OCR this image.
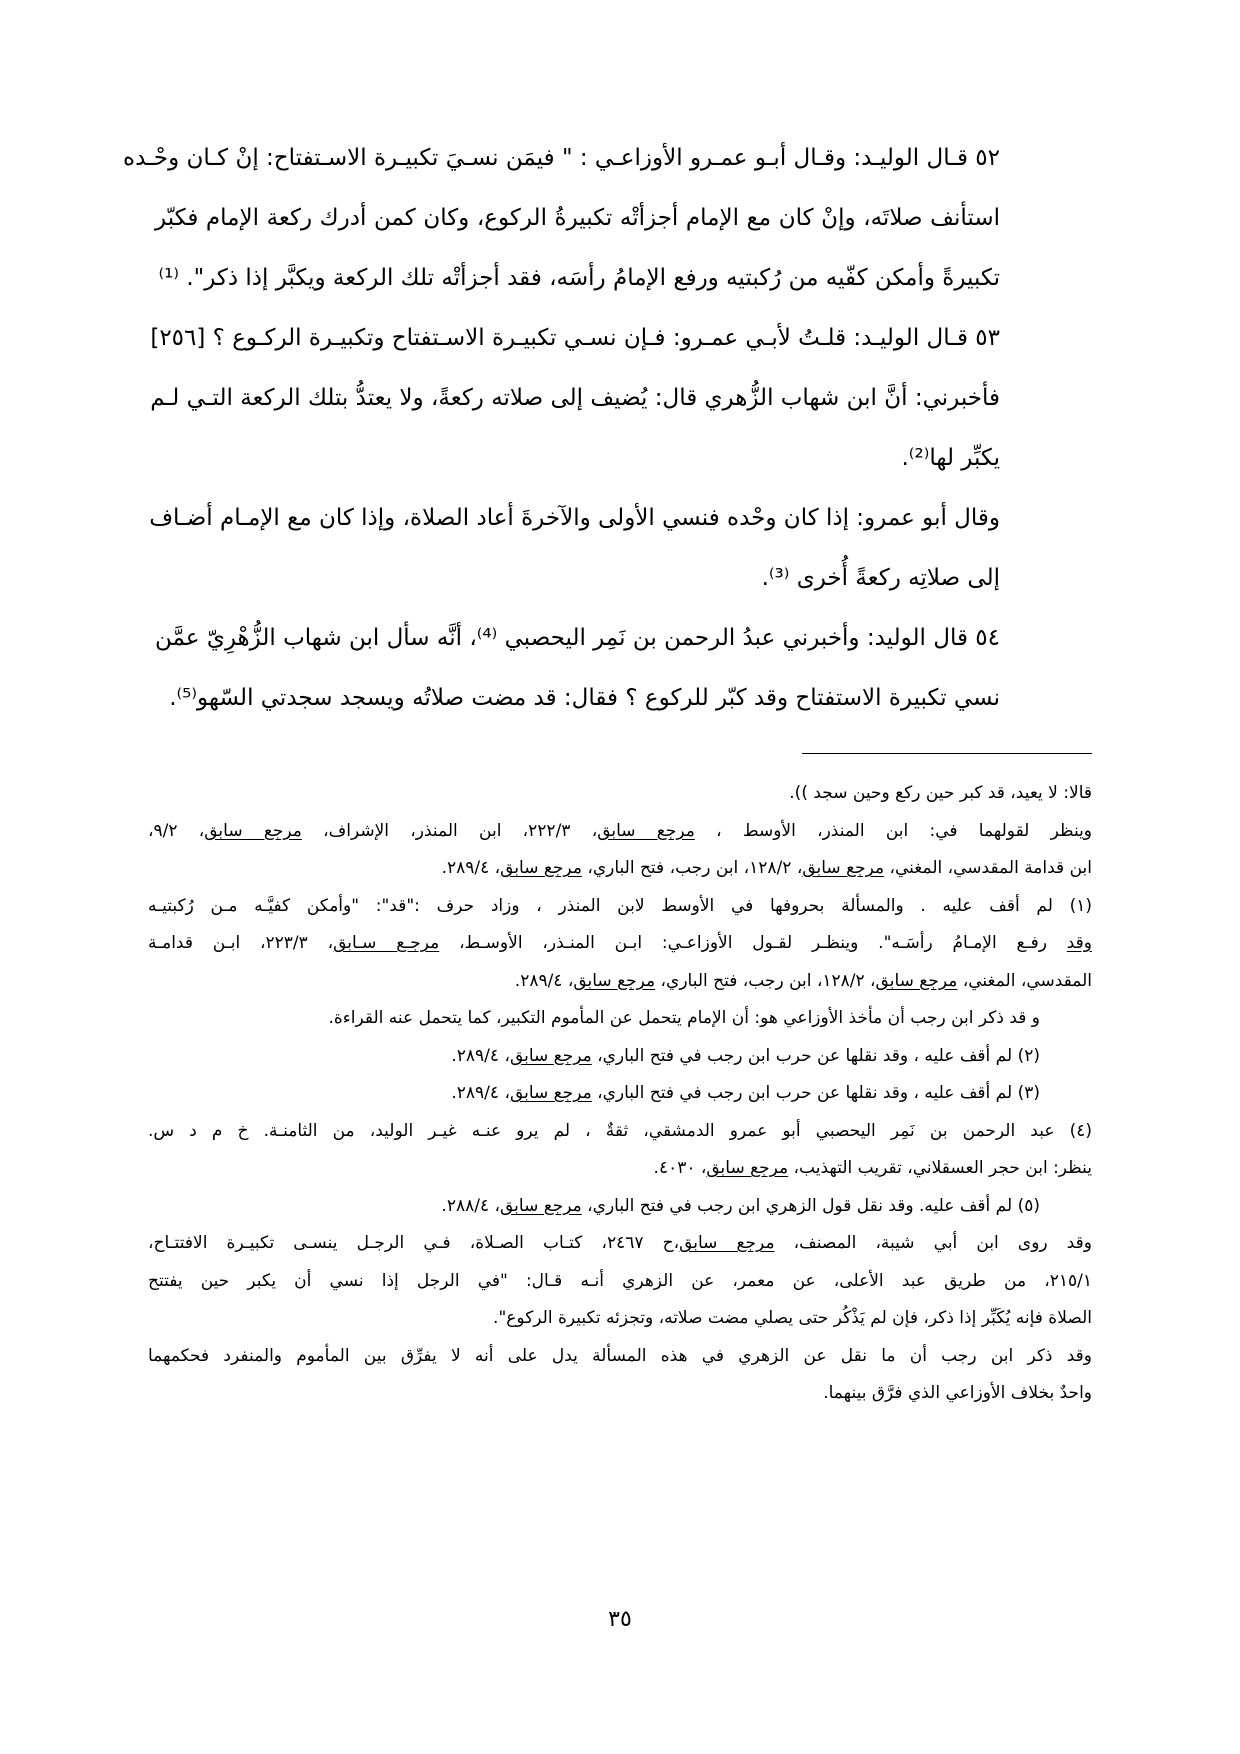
٥٢ قـال الوليـد: وقـال أبـو عمـرو الأوزاعـي : " فيمَن نسـيَ تكبيـرة الاسـتفتاح: إنْ كـان وحْـده
استأنف صلاتَه، وإنْ كان مع الإمام أجزأتْه تكبيرةُ الركوع، وكان كمن أدرك ركعة الإمام فكبّر
تكبيرةً وأمكن كفّيه من رُكبتيه ورفع الإمامُ رأسَه، فقد أجزأتْه تلك الركعة ويكبَّر إذا ذكر". ⁽¹⁾
٥٣ قـال الوليـد: قلـتُ لأبـي عمـرو: فـإن نسـي تكبيـرة الاسـتفتاح وتكبيـرة الركـوع ؟ [٢٥٦]
فأخبرني: أنَّ ابن شهاب الزُّهري قال: يُضيف إلى صلاته ركعةً، ولا يعتدُّ بتلك الركعة التـي لـم
يكبِّر لها⁽²⁾.
وقال أبو عمرو: إذا كان وحْده فنسي الأولى والآخرةَ أعاد الصلاة، وإذا كان مع الإمـام أضـاف
إلى صلاتِه ركعةً أُخرى ⁽³⁾.
٥٤ قال الوليد: وأخبرني عبدُ الرحمن بن نَمِر اليحصبي ⁽⁴⁾، أنَّه سأل ابن شهاب الزُّهْرِيّ عمَّن
نسي تكبيرة الاستفتاح وقد كبّر للركوع ؟ فقال: قد مضت صلاتُه ويسجد سجدتي السّهو⁽⁵⁾.
قالا: لا يعيد، قد كبر حين ركع وحين سجد )).
وينظر لقولهما في: ابن المنذر، الأوسط ، مرجع سابق، ٢٢٢/٣، ابن المنذر، الإشراف، مرجع سابق، ٩/٢،
ابن قدامة المقدسي، المغني، مرجع سابق، ١٢٨/٢، ابن رجب، فتح الباري، مرجع سابق، ٢٨٩/٤.
(١) لم أقف عليه . والمسألة بحروفها في الأوسط لابن المنذر ، وزاد حرف :"قد": "وأمكن كفيَّـه مـن رُكبتيـه
وقد رفـع الإمـامُ رأسَـه". وينظـر لقـول الأوزاعـي: ابـن المنـذر، الأوسـط، مرجـع سـابق، ٢٢٣/٣، ابـن قدامـة
المقدسي، المغني، مرجع سابق، ١٢٨/٢، ابن رجب، فتح الباري، مرجع سابق، ٢٨٩/٤.
و قد ذكر ابن رجب أن مأخذ الأوزاعي هو: أن الإمام يتحمل عن المأموم التكبير، كما يتحمل عنه القراءة.
(٢) لم أقف عليه ، وقد نقلها عن حرب ابن رجب في فتح الباري، مرجع سابق، ٢٨٩/٤.
(٣) لم أقف عليه ، وقد نقلها عن حرب ابن رجب في فتح الباري، مرجع سابق، ٢٨٩/٤.
(٤) عبد الرحمن بن نَمِر اليحصبي أبو عمرو الدمشقي، ثقةٌ ، لم يرو عنـه غيـر الوليد، من الثامنـة. خ م د س.
ينظر: ابن حجر العسقلاني، تقريب التهذيب، مرجع سابق، ٤٠٣٠.
(٥) لم أقف عليه. وقد نقل قول الزهري ابن رجب في فتح الباري، مرجع سابق، ٢٨٨/٤.
وقد روى ابن أبي شيبة، المصنف، مرجع سابق،ح ٢٤٦٧، كتـاب الصـلاة، فـي الرجـل ينسـى تكبيـرة الافتتـاح،
٢١٥/١، من طريق عبد الأعلى، عن معمر، عن الزهري أنـه قـال: "في الرجل إذا نسي أن يكبر حين يفتتح
الصلاة فإنه يُكَبِّر إذا ذكر، فإن لم يَذْكُر حتى يصلي مضت صلاته، وتجزئه تكبيرة الركوع".
وقد ذكر ابن رجب أن ما نقل عن الزهري في هذه المسألة يدل على أنه لا يفرِّق بين المأموم والمنفرد فحكمهما
واحدٌ بخلاف الأوزاعي الذي فرَّق بينهما.
٣٥
